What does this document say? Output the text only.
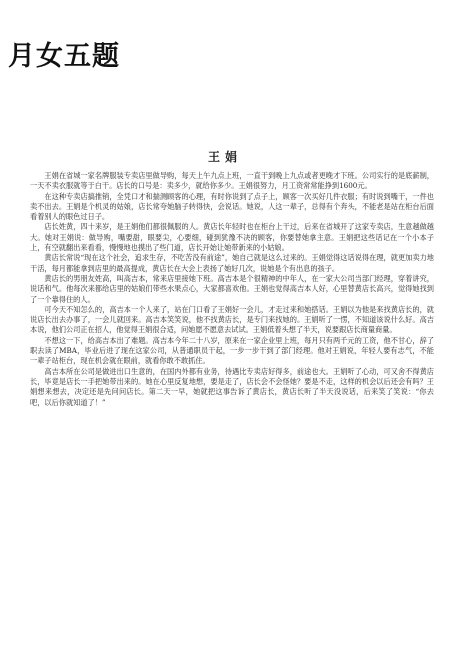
月女五题
王娟

王娟在省城一家名牌服装专卖店里做导购，每天上午九点上班，一直干到晚上九点或者更晚才下班。公司实行的是底薪制，一天不卖衣服就等于白干。店长的口号是：卖多少，就给你多少。王娟很努力，月工资常常能挣到1600元。

在这种专卖店搞推销，全凭口才和揣测顾客的心理，有时你说到了点子上，顾客一次买好几件衣服；有时说到嘴干，一件也卖不出去。王娟是个机灵的姑娘，店长常夸她脑子转得快，会说话。她说，人这一辈子，总得有个奔头，不能老是站在柜台后面看着别人的眼色过日子。

店长姓黄，四十来岁，是王娟他们都很佩服的人。黄店长年轻时也在柜台上干过，后来在省城开了这家专卖店，生意越做越大。她对王娟说：做导购，嘴要甜，眼要尖，心要细，碰到犹豫不决的顾客，你要替她拿主意。王娟把这些话记在一个小本子上，有空就翻出来看看，慢慢地也摸出了些门道，店长开始让她带新来的小姑娘。

黄店长常说“现在这个社会，追求生存，不吃苦没有前途”，她自己就是这么过来的。王娟觉得这话说得在理，就更加卖力地干活，每月都能拿到店里的最高提成，黄店长在大会上表扬了她好几次，说她是个有出息的孩子。

黄店长的男朋友姓高，叫高吉本，常来店里接她下班。高吉本是个很精神的中年人，在一家大公司当部门经理，穿着讲究，说话和气。他每次来都给店里的姑娘们带些水果点心，大家都喜欢他。王娟也觉得高吉本人好，心里替黄店长高兴，觉得她找到了一个靠得住的人。

可今天不知怎么的，高吉本一个人来了，站在门口看了王娟好一会儿，才走过来和她搭话。王娟以为他是来找黄店长的，就说店长出去办事了，一会儿就回来。高吉本笑笑说，他不找黄店长，是专门来找她的。王娟听了一愣，不知道该说什么好。高吉本说，他们公司正在招人，他觉得王娟很合适，问她愿不愿意去试试。王娟低着头想了半天，说要跟店长商量商量。

不想这一下，给高吉本出了难题。高吉本今年二十八岁，原来在一家企业里上班，每月只有两千元的工资，他不甘心，辞了职去读了MBA，毕业后进了现在这家公司，从普通职员干起，一步一步干到了部门经理。他对王娟说，年轻人要有志气，不能一辈子站柜台，现在机会就在眼前，就看你敢不敢抓住。

高吉本所在公司是做进出口生意的，在国内外都有业务，待遇比专卖店好得多，前途也大。王娟听了心动，可又舍不得黄店长，毕竟是店长一手把她带出来的。她在心里反复地想，要是走了，店长会不会怪她？要是不走，这样的机会以后还会有吗？王娟想来想去，决定还是先问问店长。第二天一早，她就把这事告诉了黄店长，黄店长听了半天没说话，后来笑了笑说：“你去吧，以后你就知道了！”
